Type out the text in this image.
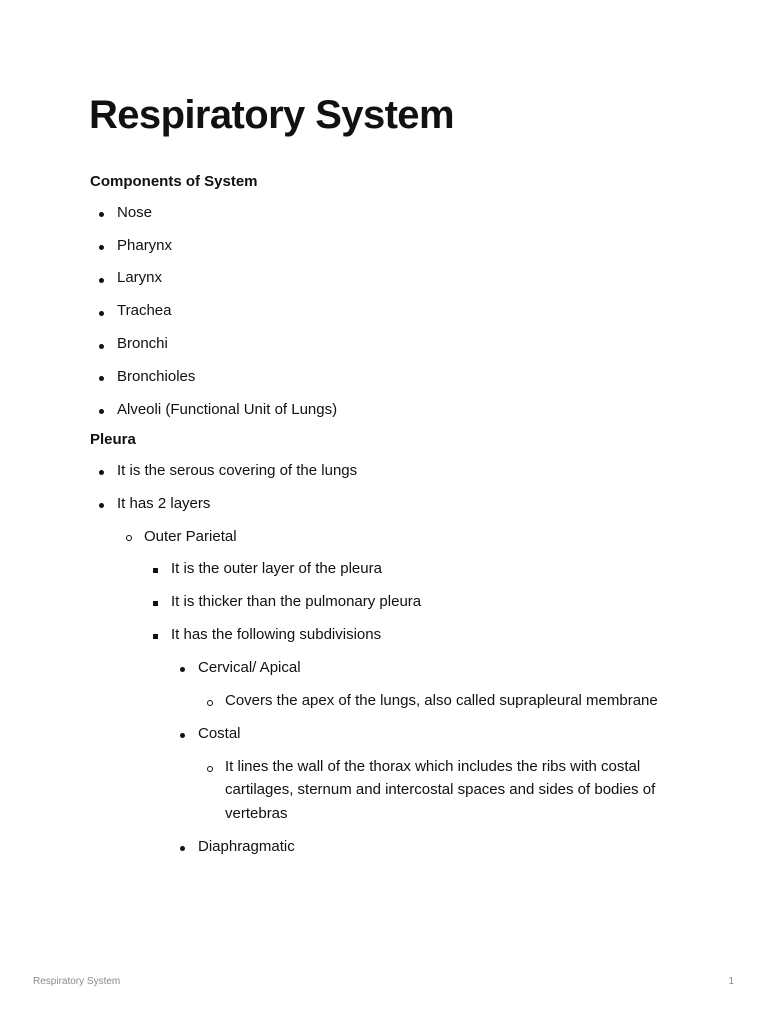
Respiratory System

Components of System

Nose
Pharynx
Larynx
Trachea
Bronchi
Bronchioles
Alveoli (Functional Unit of Lungs)

Pleura

It is the serous covering of the lungs
It has 2 layers
Outer Parietal
It is the outer layer of the pleura
It is thicker than the pulmonary pleura
It has the following subdivisions
Cervical/ Apical
Covers the apex of the lungs, also called suprapleural membrane
Costal
It lines the wall of the thorax which includes the ribs with costal cartilages, sternum and intercostal spaces and sides of bodies of vertebras
Diaphragmatic
Respiratory System	1
